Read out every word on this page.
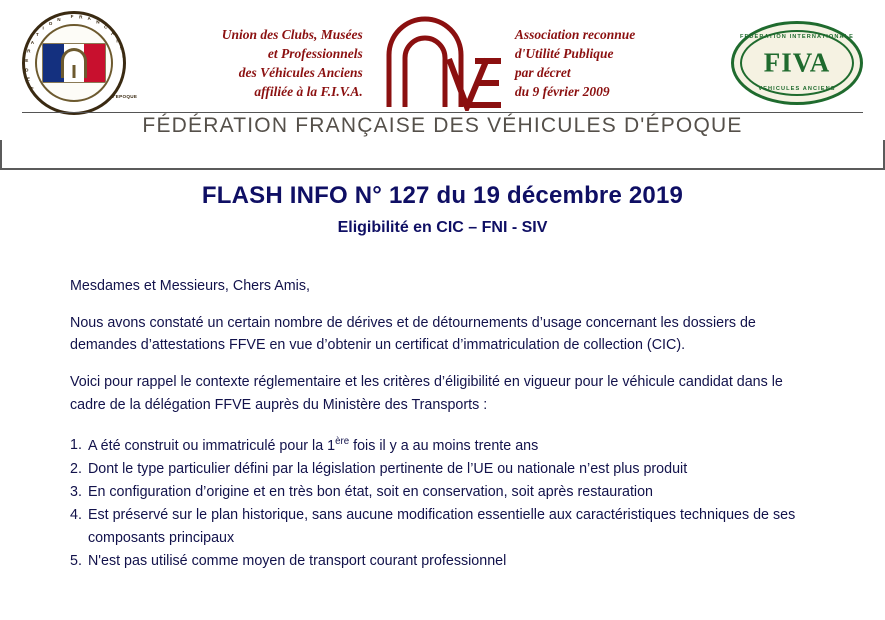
F
E
D
E
R
A
T
I
O
N
F R A
N
C
A
I
S
E
D'EPOQUE
Union des Clubs, Musées
et Professionnels
des Véhicules Anciens
affiliée à la F.I.V.A.
Association reconnue
d'Utilité Publique
par décret
du 9 février 2009
FEDERATION INTERNATIONALE
FIVA
VEHICULES ANCIENS
FÉDÉRATION FRANÇAISE DES VÉHICULES D'ÉPOQUE
FLASH INFO N° 127 du 19 décembre 2019
Eligibilité en CIC – FNI - SIV

Mesdames et Messieurs, Chers Amis,

Nous avons constaté un certain nombre de dérives et de détournements d’usage concernant les dossiers de demandes d’attestations FFVE en vue d’obtenir un certificat d’immatriculation de collection (CIC).

Voici pour rappel le contexte réglementaire et les critères d’éligibilité en vigueur pour le véhicule candidat dans le cadre de la délégation FFVE auprès du Ministère des Transports :

1. A été construit ou immatriculé pour la 1ère fois il y a au moins trente ans
2. Dont le type particulier défini par la législation pertinente de l’UE ou nationale n’est plus produit
3. En configuration d’origine et en très bon état, soit en conservation, soit après restauration
4. Est préservé sur le plan historique, sans aucune modification essentielle aux caractéristiques techniques de ses composants principaux
5. N'est pas utilisé comme moyen de transport courant professionnel
